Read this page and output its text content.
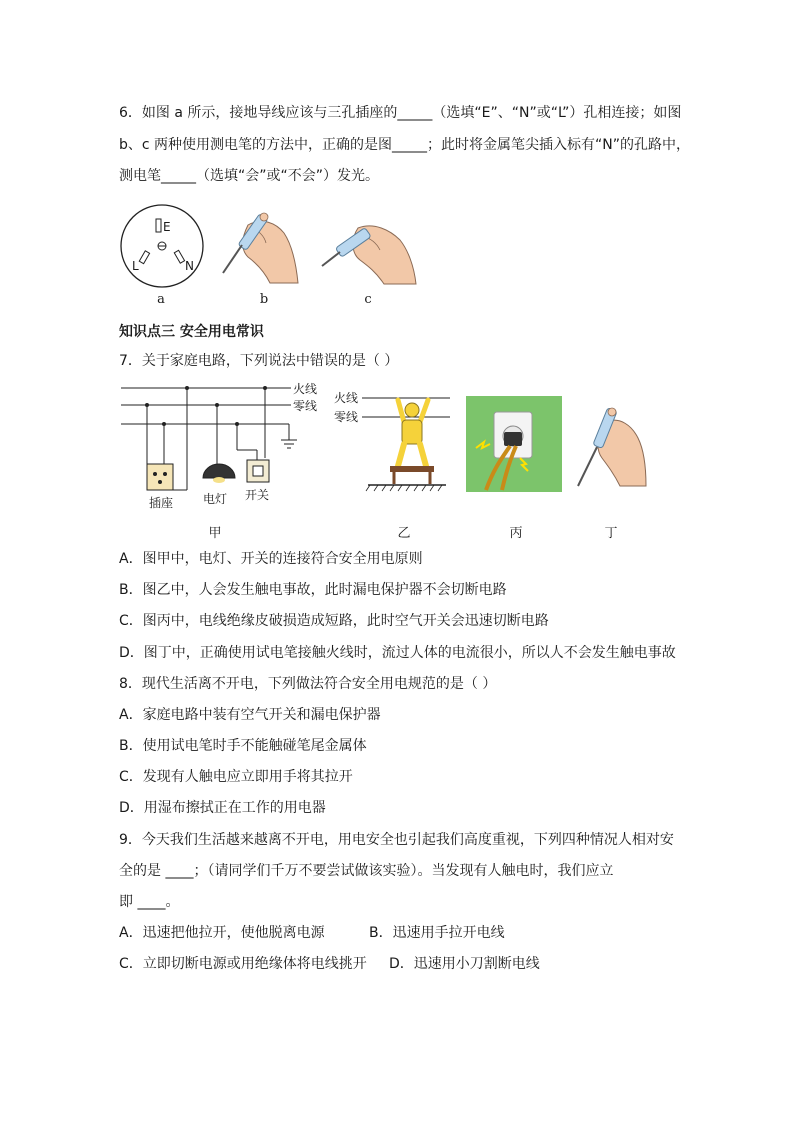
6．如图 a 所示，接地导线应该与三孔插座的_____（选填“E”、“N”或“L”）孔相连接；如图
b、c 两种使用测电笔的方法中，正确的是图_____；此时将金属笔尖插入标有“N”的孔路中，
测电笔_____（选填“会”或“不会”）发光。
E
L	N
a	b	c
知识点三 安全用电常识
7．关于家庭电路，下列说法中错误的是（ ）
火线
零线
插座 电灯 开关
甲
火线
零线
乙	丙	丁
A．图甲中，电灯、开关的连接符合安全用电原则
B．图乙中，人会发生触电事故，此时漏电保护器不会切断电路
C．图丙中，电线绝缘皮破损造成短路，此时空气开关会迅速切断电路
D．图丁中，正确使用试电笔接触火线时，流过人体的电流很小，所以人不会发生触电事故
8．现代生活离不开电，下列做法符合安全用电规范的是（ ）
A．家庭电路中装有空气开关和漏电保护器
B．使用试电笔时手不能触碰笔尾金属体
C．发现有人触电应立即用手将其拉开
D．用湿布擦拭正在工作的用电器
9．今天我们生活越来越离不开电，用电安全也引起我们高度重视，下列四种情况人相对安
全的是 ____；（请同学们千万不要尝试做该实验）。当发现有人触电时，我们应立
即 ____。
A．迅速把他拉开，使他脱离电源	B．迅速用手拉开电线
C．立即切断电源或用绝缘体将电线挑开 D．迅速用小刀割断电线
